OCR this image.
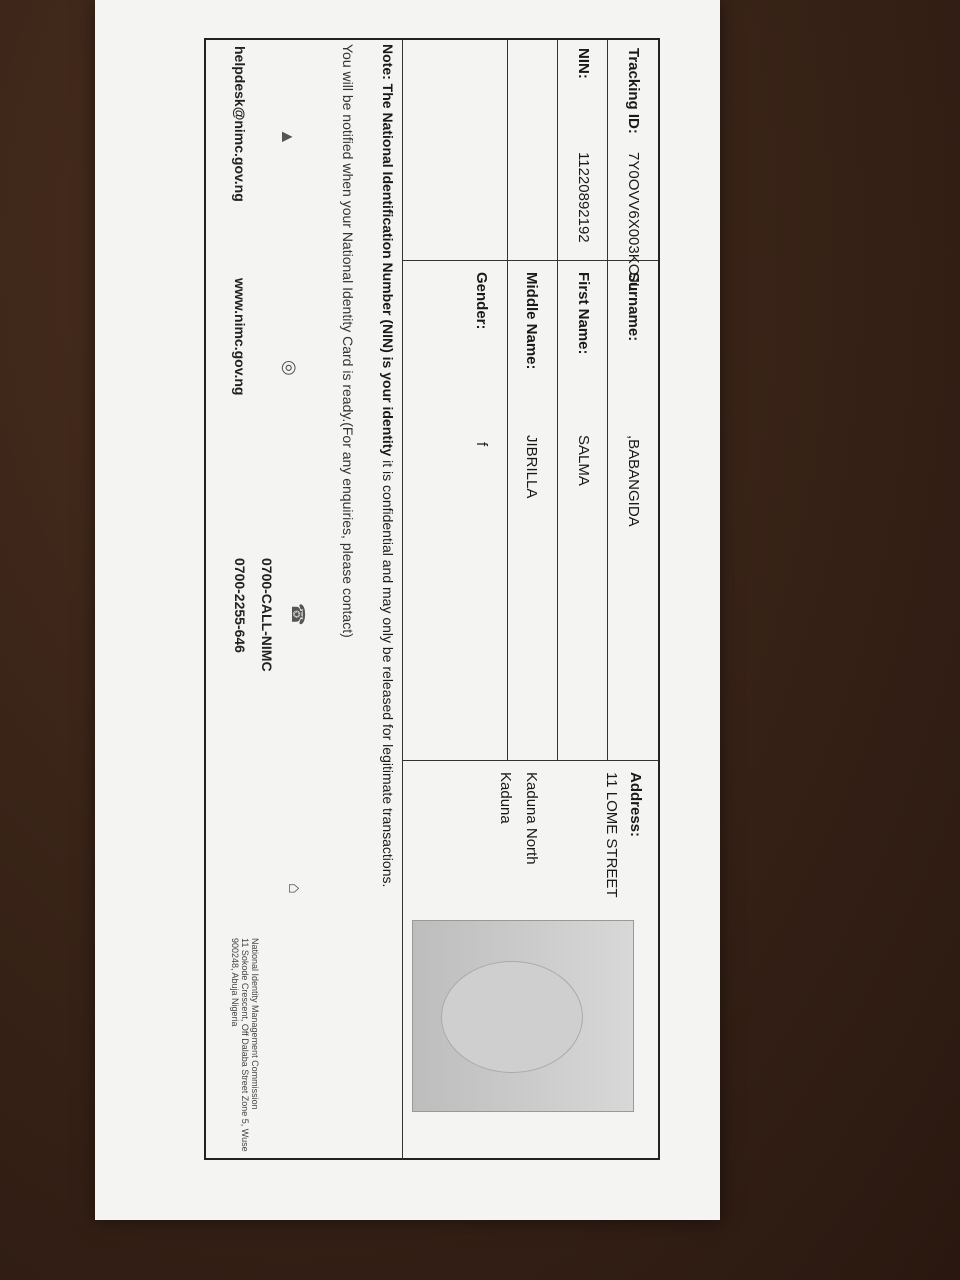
Tracking ID:
7Y0OVV6X003KOJL
NIN:
11220892192
Surname:
,BABANGIDA
First Name:
SALMA
Middle Name:
JIBRILLA
Gender:
f
Address:
11 LOME STREET
Kaduna North
Kaduna
Note: The National Identification Number (NIN) is your identity it is confidential and may only be released for legitimate transactions.
You will be notified when your National Identity Card is ready.(For any enquiries, please contact)
▲
helpdesk@nimc.gov.ng
◎
www.nimc.gov.ng
☎
0700-CALL-NIMC
0700-2255-646
⌂
National Identity Management Commission
11 Sokode Crescent, Off Dalaba Street Zone 5, Wuse 900248, Abuja Nigeria
